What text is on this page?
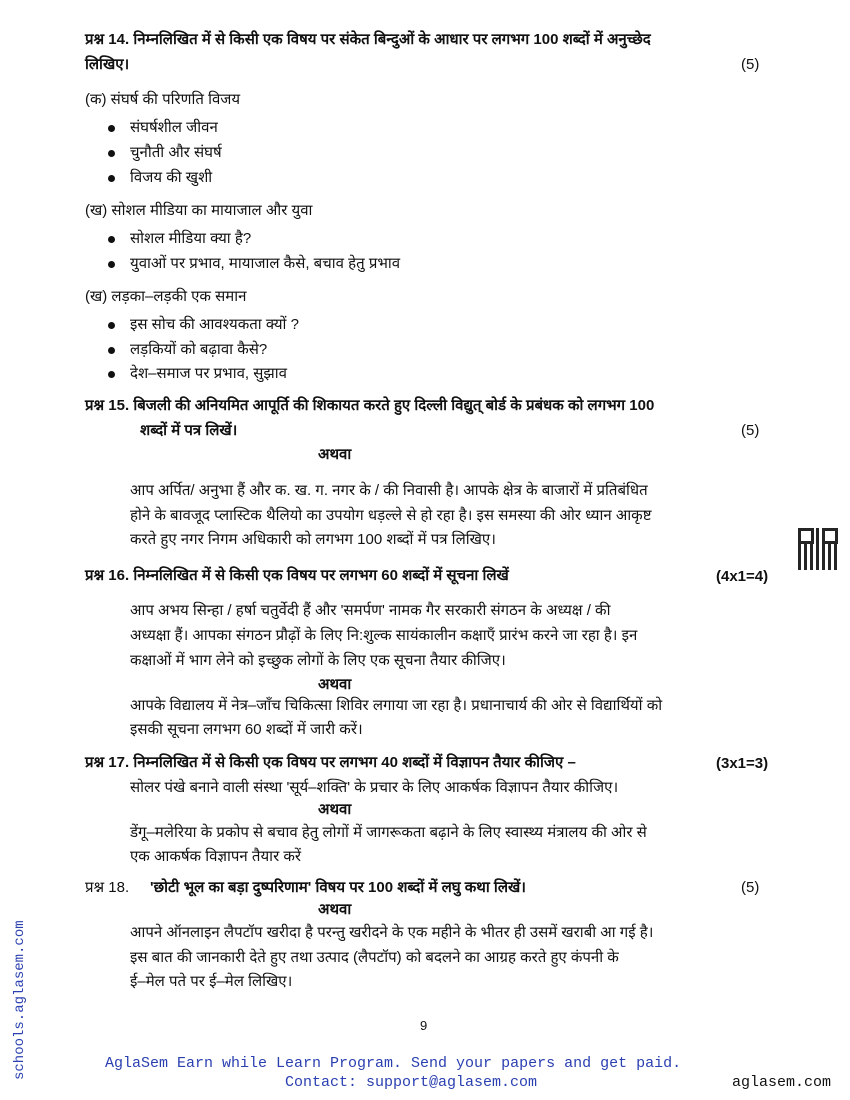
प्रश्न 14. निम्नलिखित में से किसी एक विषय पर संकेत बिन्दुओं के आधार पर लगभग 100 शब्दों में अनुच्छेद
लिखिए।	(5)
(क) संघर्ष की परिणति विजय
संघर्षशील जीवन
चुनौती और संघर्ष
विजय की खुशी
(ख) सोशल मीडिया का मायाजाल और युवा
सोशल मीडिया क्या है?
युवाओं पर प्रभाव, मायाजाल कैसे, बचाव हेतु प्रभाव
(ख) लड़का–लड़की एक समान
इस सोच की आवश्यकता क्यों ?
लड़कियों को बढ़ावा कैसे?
देश–समाज पर प्रभाव, सुझाव
प्रश्न 15. बिजली की अनियमित आपूर्ति की शिकायत करते हुए दिल्ली विद्युत् बोर्ड के प्रबंधक को लगभग 100
शब्दों में पत्र लिखें।	(5)
अथवा
आप अर्पित/ अनुभा हैं और क. ख. ग. नगर के / की निवासी है। आपके क्षेत्र के बाजारों में प्रतिबंधित
होने के बावजूद प्लास्टिक थैलियो का उपयोग धड़ल्ले से हो रहा है। इस समस्या की ओर ध्यान आकृष्ट
करते हुए नगर निगम अधिकारी को लगभग 100 शब्दों में पत्र लिखिए।
प्रश्न 16. निम्नलिखित में से किसी एक विषय पर लगभग 60 शब्दों में सूचना लिखें	(4x1=4)
आप अभय सिन्हा / हर्षा चतुर्वेदी हैं और 'समर्पण' नामक गैर सरकारी संगठन के अध्यक्ष / की
अध्यक्षा हैं। आपका संगठन प्रौढ़ों के लिए नि:शुल्क सायंकालीन कक्षाएँ प्रारंभ करने जा रहा है। इन
कक्षाओं में भाग लेने को इच्छुक लोगों के लिए एक सूचना तैयार कीजिए।
अथवा
आपके विद्यालय में नेत्र–जाँच चिकित्सा शिविर लगाया जा रहा है। प्रधानाचार्य की ओर से विद्यार्थियों को
इसकी सूचना लगभग 60 शब्दों में जारी करें।
प्रश्न 17. निम्नलिखित में से किसी एक विषय पर लगभग 40 शब्दों में विज्ञापन तैयार कीजिए –	(3x1=3)
सोलर पंखे बनाने वाली संस्था 'सूर्य–शक्ति' के प्रचार के लिए आकर्षक विज्ञापन तैयार कीजिए।
अथवा
डेंगू–मलेरिया के प्रकोप से बचाव हेतु लोगों में जागरूकता बढ़ाने के लिए स्वास्थ्य मंत्रालय की ओर से
एक आकर्षक विज्ञापन तैयार करें
प्रश्न 18. 'छोटी भूल का बड़ा दुष्परिणाम' विषय पर 100 शब्दों में लघु कथा लिखें।	(5)
अथवा
आपने ऑनलाइन लैपटॉप खरीदा है परन्तु खरीदने के एक महीने के भीतर ही उसमें खराबी आ गई है।
इस बात की जानकारी देते हुए तथा उत्पाद (लैपटॉप) को बदलने का आग्रह करते हुए कंपनी के
ई–मेल पते पर ई–मेल लिखिए।
9
AglaSem Earn while Learn Program. Send your papers and get paid.
Contact: support@aglasem.com	aglasem.com
schools.aglasem.com
